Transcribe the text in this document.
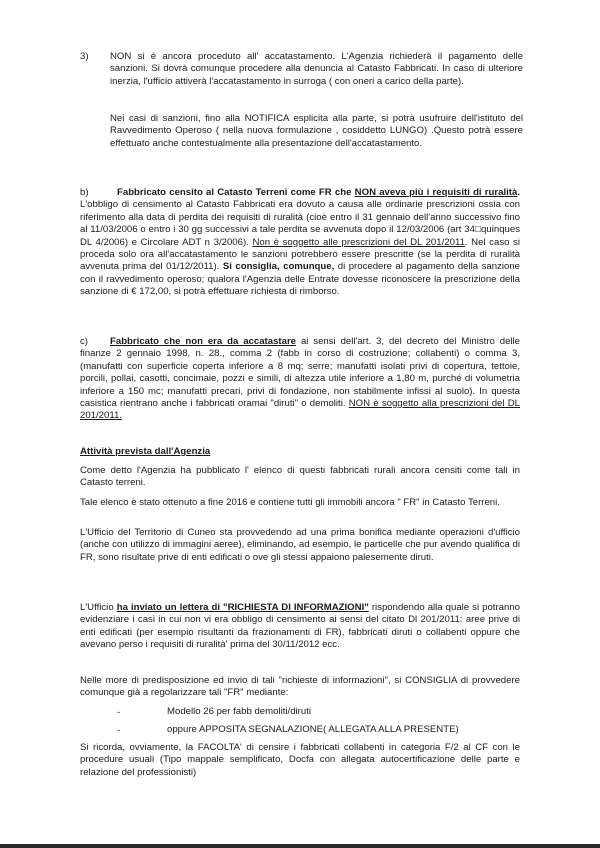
3) NON si è ancora proceduto all' accatastamento. L'Agenzia richiederà il pagamento delle sanzioni. Si dovrà comunque procedere alla denuncia al Catasto Fabbricati. In caso di ulteriore inerzia, l'ufficio attiverà l'accatastamento in surroga ( con oneri a carico della parte).

Nei casi di sanzioni, fino alla NOTIFICA esplicita alla parte, si potrà usufruire dell'istituto del Ravvedimento Operoso ( nella nuova formulazione , cosiddetto LUNGO) .Questo potrà essere effettuato anche contestualmente alla presentazione dell'accatastamento.

b)	Fabbricato censito al Catasto Terreni come FR che NON aveva più i requisiti di ruralità. L'obbligo di censimento al Catasto Fabbricati era dovuto a causa alle ordinarie prescrizioni ossia con riferimento alla data di perdita dei requisiti di ruralità (cioè entro il 31 gennaio dell'anno successivo fino al 11/03/2006 o entro i 30 gg successivi a tale perdita se avvenuta dopo il 12/03/2006 (art 34□quinques DL 4/2006) e Circolare ADT n 3/2006). Non è soggetto alle prescrizioni del DL 201/2011. Nel caso si proceda solo ora all'accatastamento le sanzioni potrebbero essere prescritte (se la perdita di ruralità avvenuta prima del 01/12/2011). Si consiglia, comunque, di procedere al pagamento della sanzione con il ravvedimento operoso; qualora l'Agenzia delle Entrate dovesse riconoscere la prescrizione della sanzione di € 172,00, si potrà effettuare richiesta di rimborso.

c)	Fabbricato che non era da accatastare ai sensi dell'art. 3, del decreto del Ministro delle finanze 2 gennaio 1998, n. 28., comma 2 (fabb in corso di costruzione; collabenti) o comma 3, (manufatti con superficie coperta inferiore a 8 mq; serre; manufatti isolati privi di copertura, tettoie, porcili, pollai, casotti, concimaie, pozzi e simili, di altezza utile inferiore a 1,80 m, purché di volumetria inferiore a 150 mc; manufatti precari, privi di fondazione, non stabilmente infissi al suolo). In questa casistica rientrano anche i fabbricati oramai "diruti" o demoliti. NON è soggetto alla prescrizioni del DL 201/2011.

Attività prevista dall'Agenzia

Come detto l'Agenzia ha pubblicato l' elenco di questi fabbricati rurali ancora censiti come tali in Catasto terreni.

Tale elenco è stato ottenuto a fine 2016 e contiene tutti gli immobili ancora " FR" in Catasto Terreni.

L'Ufficio del Territorio di Cuneo sta provvedendo ad una prima bonifica mediante operazioni d'ufficio (anche con utilizzo di immagini aeree), eliminando, ad esempio, le particelle che pur avendo qualifica di FR, sono risultate prive di enti edificati o ove gli stessi appaiono palesemente diruti.

L'Ufficio ha inviato un lettera di "RICHIESTA DI INFORMAZIONI" rispondendo alla quale si potranno evidenziare i casi in cui non vi era obbligo di censimento ai sensi del citato Dl 201/2011: aree prive di enti edificati (per esempio risultanti da frazionamenti di FR), fabbricati diruti o collabenti oppure che avevano perso i requisiti di ruralità' prima del 30/11/2012 ecc.

Nelle more di predisposizione ed invio di tali "richieste di informazioni", si CONSIGLIA di provvedere comunque già a regolarizzare tali "FR" mediante:

-	Modello 26 per fabb demoliti/diruti
-	oppure APPOSITA SEGNALAZIONE( ALLEGATA ALLA PRESENTE)

Si ricorda, ovviamente, la FACOLTA' di censire i fabbricati collabenti in categoria F/2 al CF con le procedure usuali (Tipo mappale semplificato, Docfa con allegata autocertificazione delle parte e relazione del professionisti)
